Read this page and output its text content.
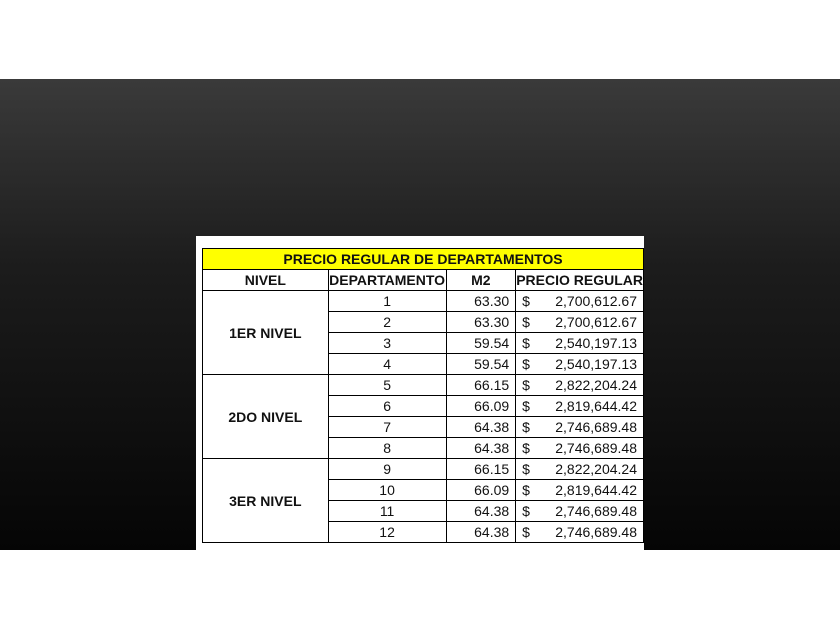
PRECIO REGULAR DE DEPARTAMENTOS			
NIVEL	DEPARTAMENTO	M2	PRECIO REGULAR
1ER NIVEL	1	63.30	$ 2,700,612.67

	2	63.30	$ 2,700,612.67

	3	59.54	$ 2,540,197.13

	4	59.54	$ 2,540,197.13

2DO NIVEL	5	66.15	$ 2,822,204.24

	6	66.09	$ 2,819,644.42

	7	64.38	$ 2,746,689.48

	8	64.38	$ 2,746,689.48

3ER NIVEL	9	66.15	$ 2,822,204.24

	10	66.09	$ 2,819,644.42

	11	64.38	$ 2,746,689.48

	12	64.38	$ 2,746,689.48
